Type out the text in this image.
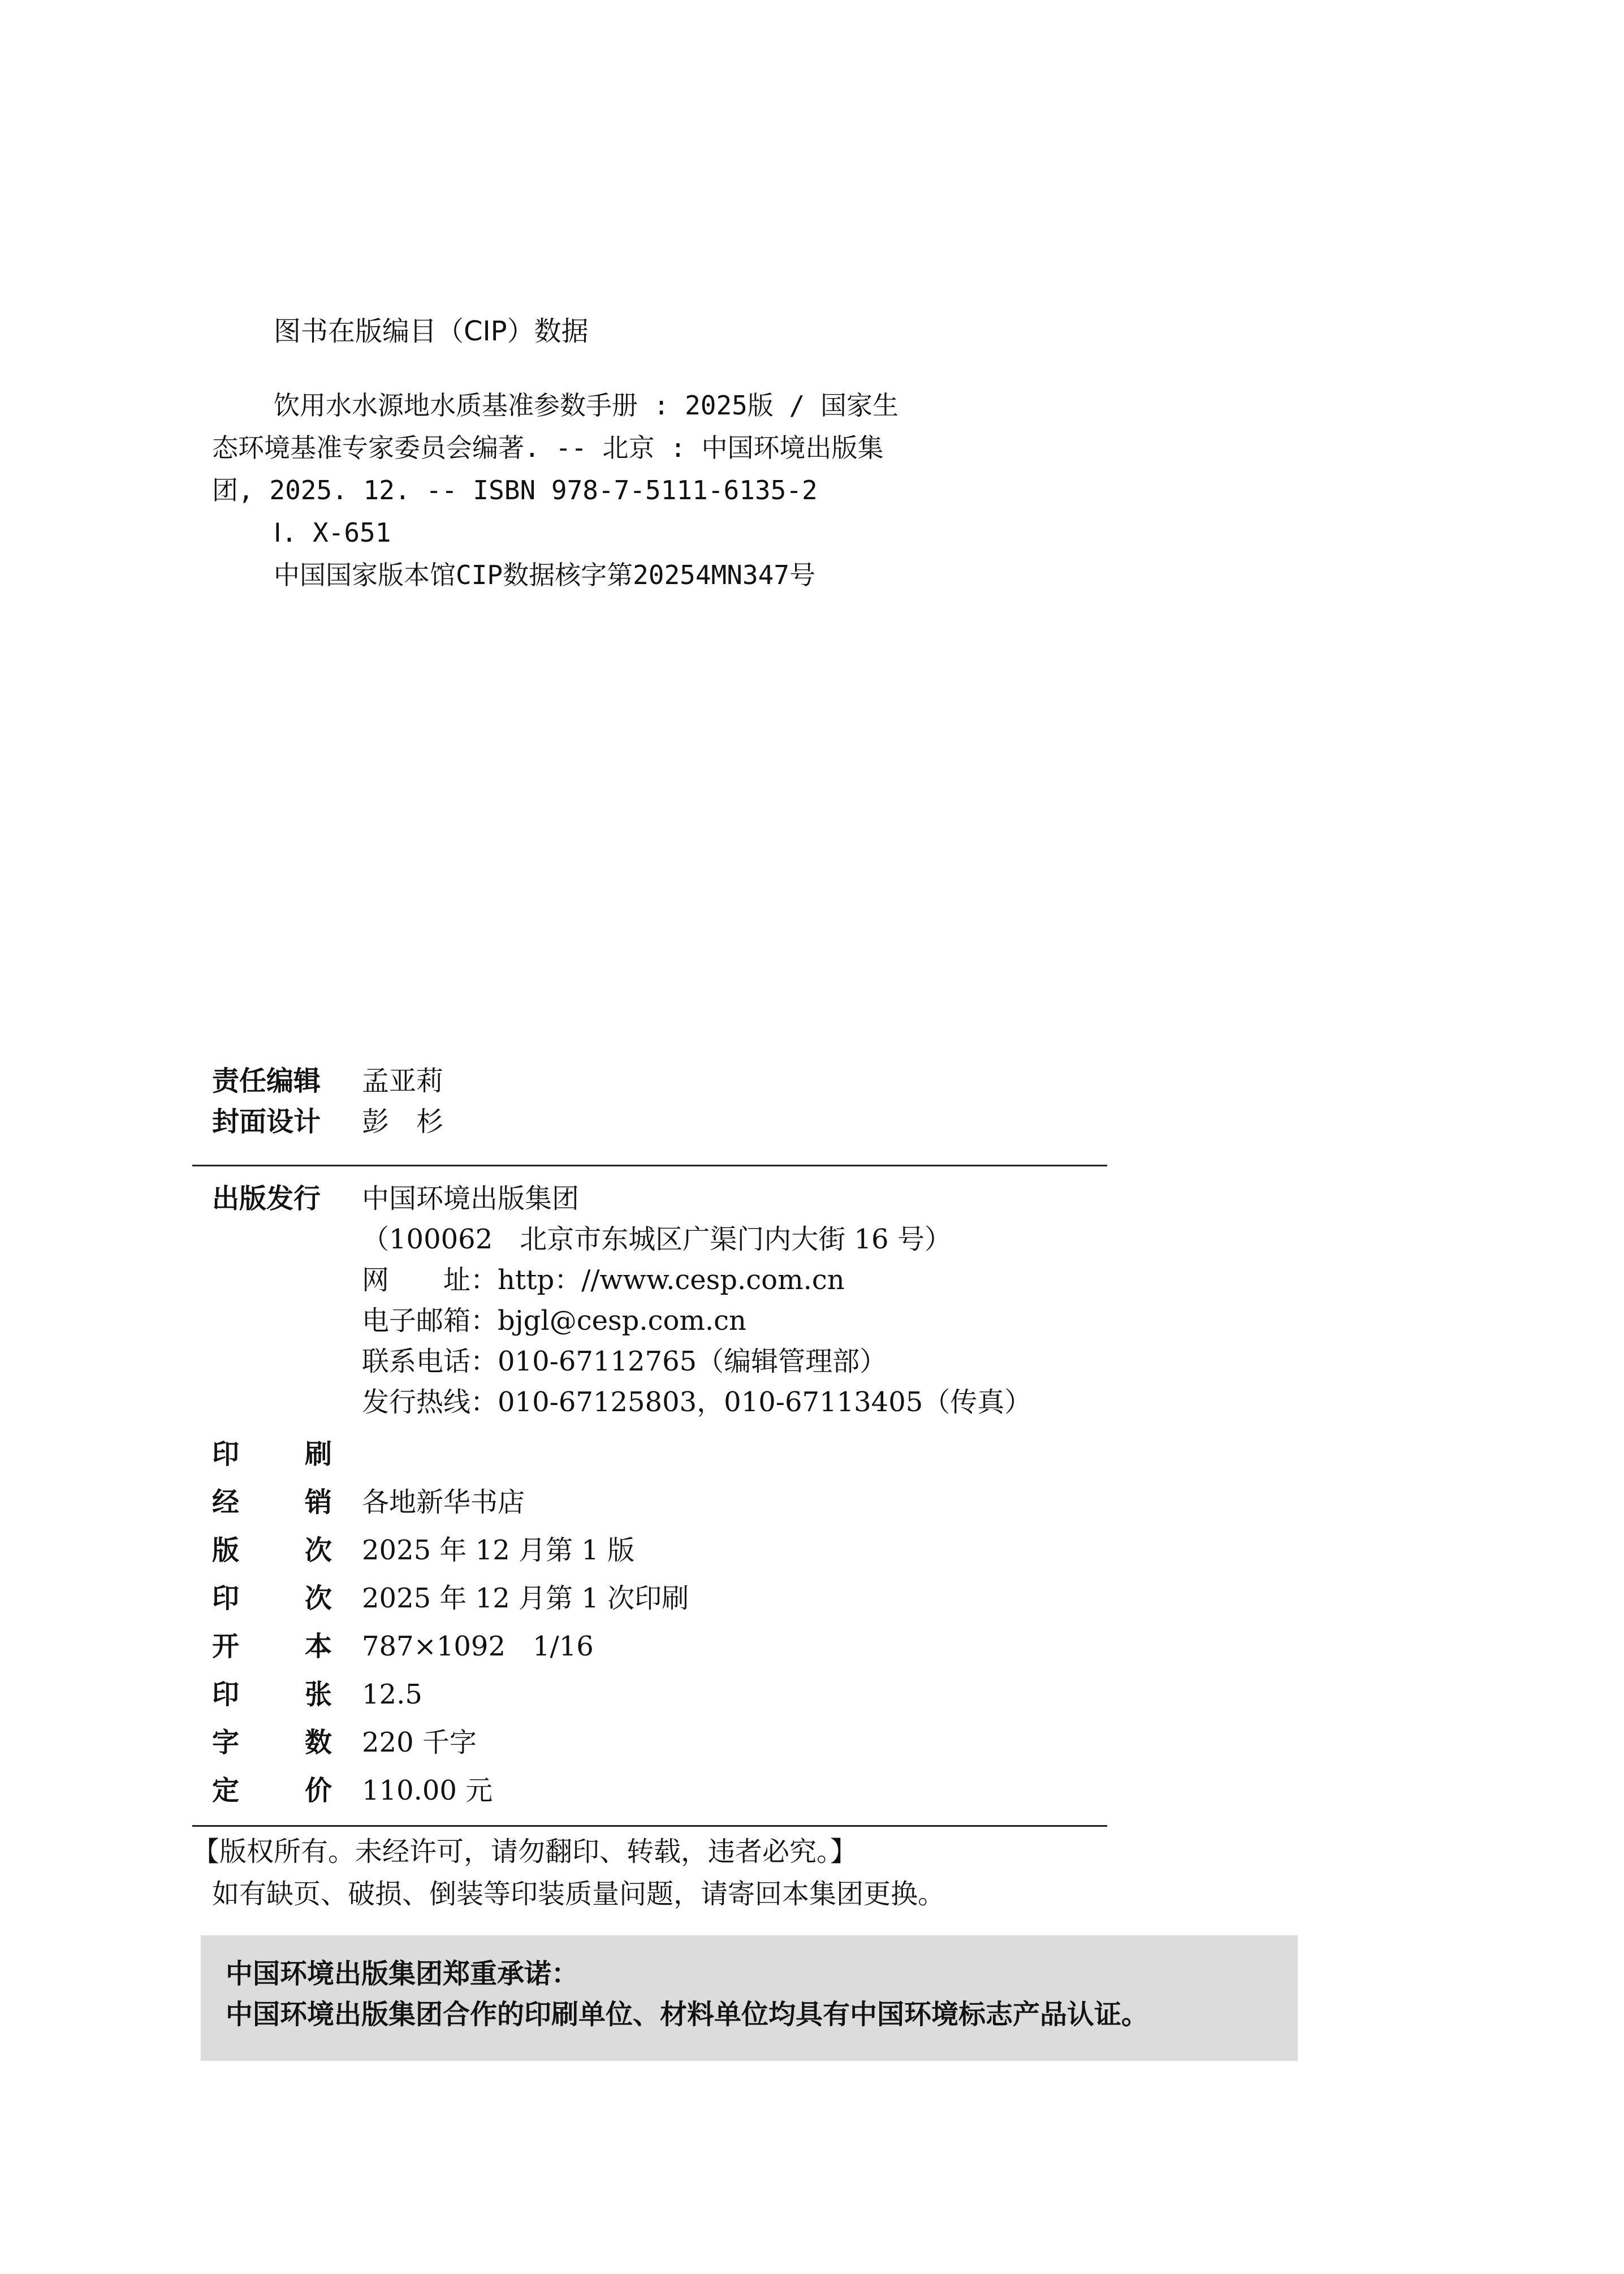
图书在版编目（CIP）数据
饮用水水源地水质基准参数手册 : 2025版 / 国家生
态环境基准专家委员会编著. -- 北京 : 中国环境出版集
团, 2025. 12. -- ISBN 978-7-5111-6135-2
Ⅰ. X-651
中国国家版本馆CIP数据核字第20254MN347号
责任编辑 孟亚莉
封面设计 彭　杉
出版发行 中国环境出版集团
（100062　北京市东城区广渠门内大街 16 号）
网　　址：http：//www.cesp.com.cn
电子邮箱：bjgl@cesp.com.cn
联系电话：010-67112765（编辑管理部）
发行热线：010-67125803，010-67113405（传真）
印 刷
经 销 各地新华书店
版 次 2025 年 12 月第 1 版
印 次 2025 年 12 月第 1 次印刷
开 本 787×1092　1/16
印 张 12.5
字 数 220 千字
定 价 110.00 元
【版权所有。未经许可，请勿翻印、转载，违者必究。】
如有缺页、破损、倒装等印装质量问题，请寄回本集团更换。
中国环境出版集团郑重承诺：
中国环境出版集团合作的印刷单位、材料单位均具有中国环境标志产品认证。
